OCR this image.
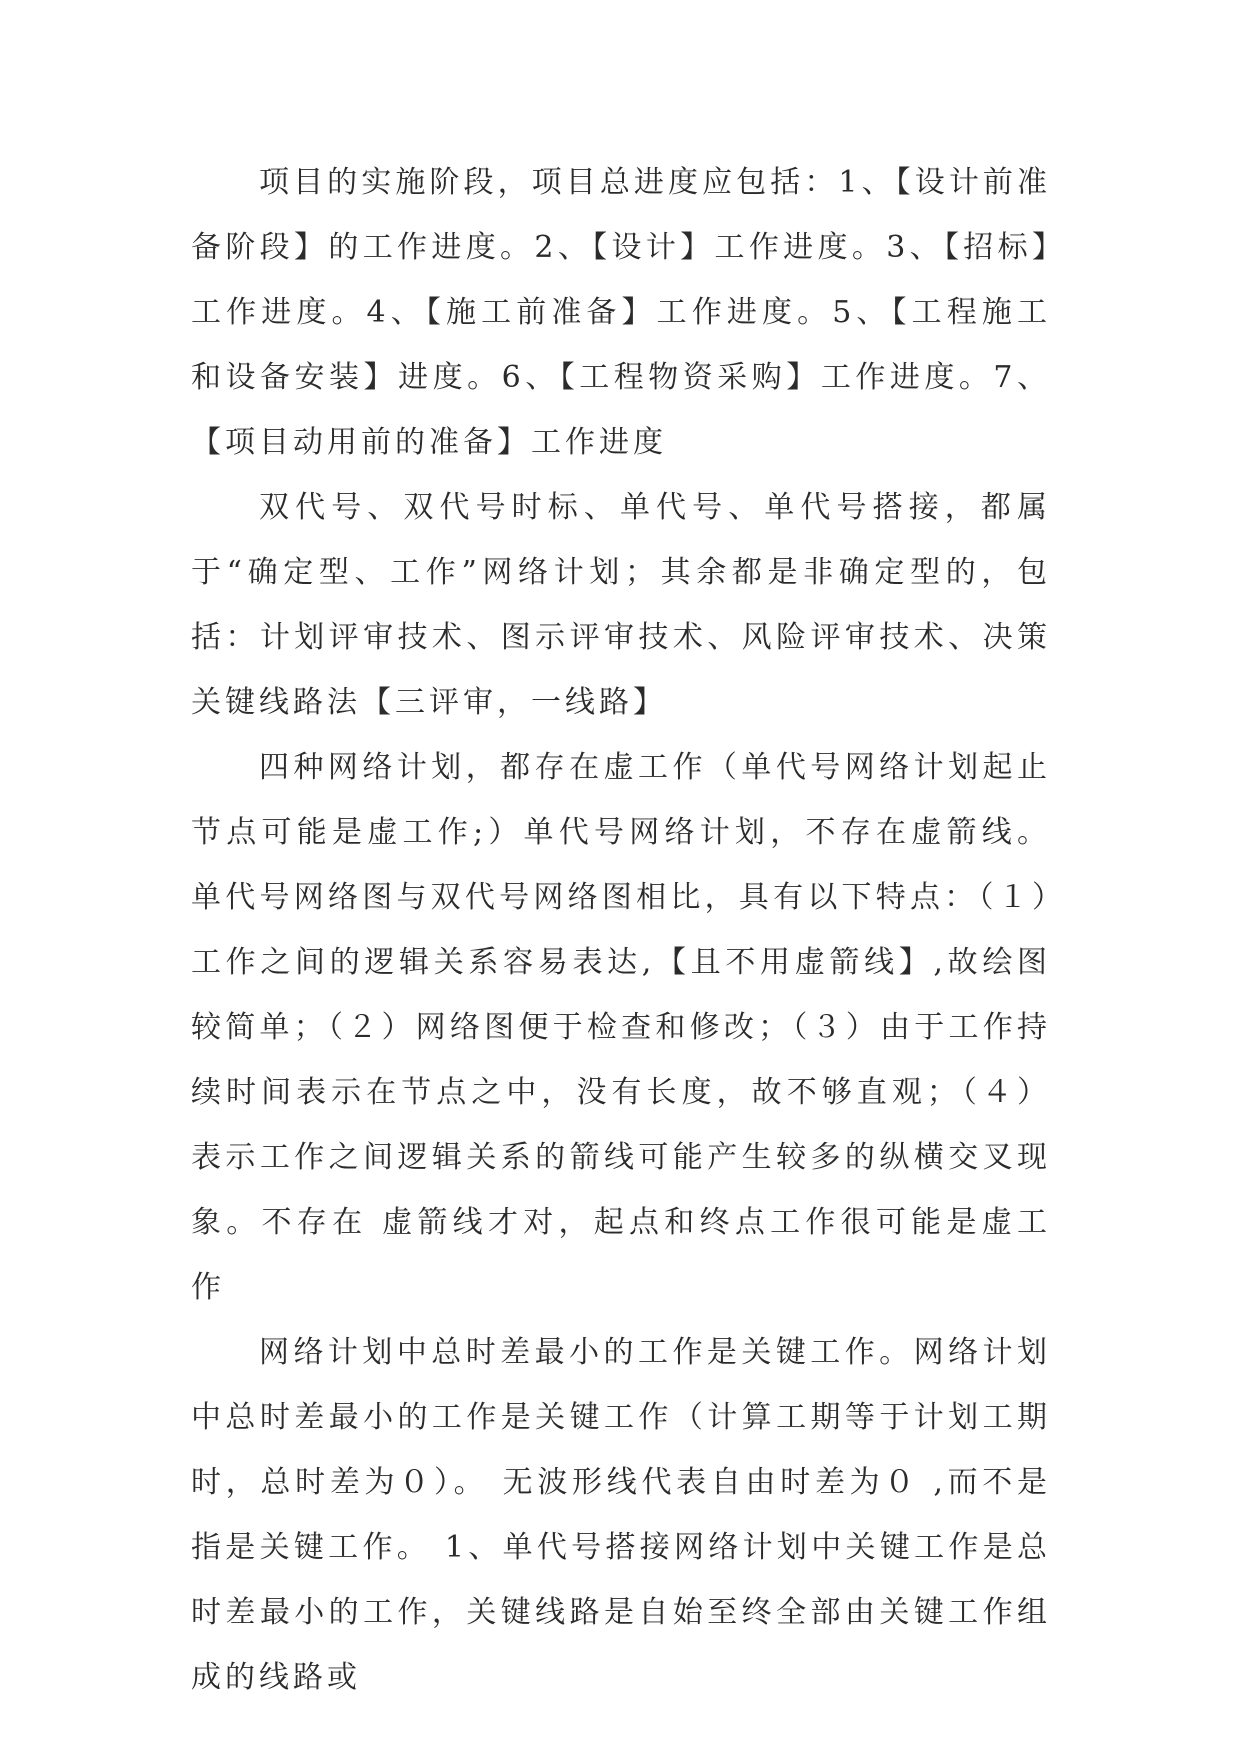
项目的实施阶段，项目总进度应包括：1、【设计前准备阶段】的工作进度。2、【设计】工作进度。3、【招标】工作进度。4、【施工前准备】工作进度。5、【工程施工和设备安装】进度。6、【工程物资采购】工作进度。7、【项目动用前的准备】工作进度

双代号、双代号时标、单代号、单代号搭接，都属于“确定型、工作”网络计划；其余都是非确定型的，包括：计划评审技术、图示评审技术、风险评审技术、决策关键线路法【三评审，一线路】

四种网络计划，都存在虚工作（单代号网络计划起止节点可能是虚工作;）单代号网络计划，不存在虚箭线。单代号网络图与双代号网络图相比，具有以下特点：（１）工作之间的逻辑关系容易表达,【且不用虚箭线】,故绘图较简单；（２）网络图便于检查和修改；（３）由于工作持续时间表示在节点之中，没有长度，故不够直观；（４）表示工作之间逻辑关系的箭线可能产生较多的纵横交叉现象。不存在 虚箭线才对，起点和终点工作很可能是虚工作

网络计划中总时差最小的工作是关键工作。网络计划中总时差最小的工作是关键工作（计算工期等于计划工期时，总时差为０）。 无波形线代表自由时差为０ ,而不是指是关键工作。 1、单代号搭接网络计划中关键工作是总时差最小的工作，关键线路是自始至终全部由关键工作组成的线路或
